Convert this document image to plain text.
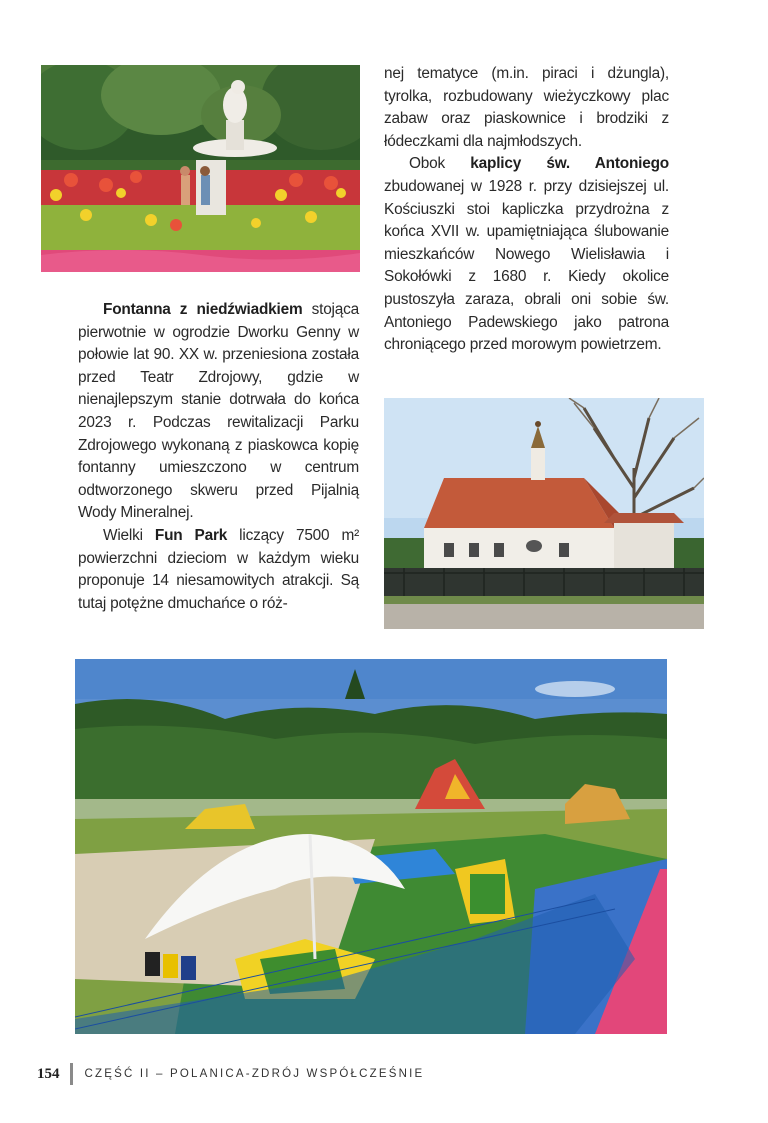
Fontanna z niedźwiadkiem stojąca pierwotnie w ogrodzie Dworku Genny w połowie lat 90. XX w. przeniesiona została przed Teatr Zdrojowy, gdzie w nienajlepszym stanie dotrwała do końca 2023 r. Podczas rewitalizacji Parku Zdrojowego wykonaną z piaskowca kopię fontanny umieszczono w centrum odtworzonego skweru przed Pijalnią Wody Mineralnej.

Wielki Fun Park liczący 7500 m² powierzchni dzieciom w każdym wieku proponuje 14 niesamowitych atrakcji. Są tutaj potężne dmuchańce o róż-

nej tematyce (m.in. piraci i dżungla), tyrolka, rozbudowany wieżyczkowy plac zabaw oraz piaskownice i brodziki z łódeczkami dla najmłodszych.

Obok kaplicy św. Antoniego zbudowanej w 1928 r. przy dzisiejszej ul. Kościuszki stoi kapliczka przydrożna z końca XVII w. upamiętniająca ślubowanie mieszkańców Nowego Wielisławia i Sokołówki z 1680 r. Kiedy okolice pustoszyła zaraza, obrali oni sobie św. Antoniego Padewskiego jako patrona chroniącego przed morowym powietrzem.

154 CZĘŚĆ II – POLANICA-ZDRÓJ WSPÓŁCZEŚNIE
